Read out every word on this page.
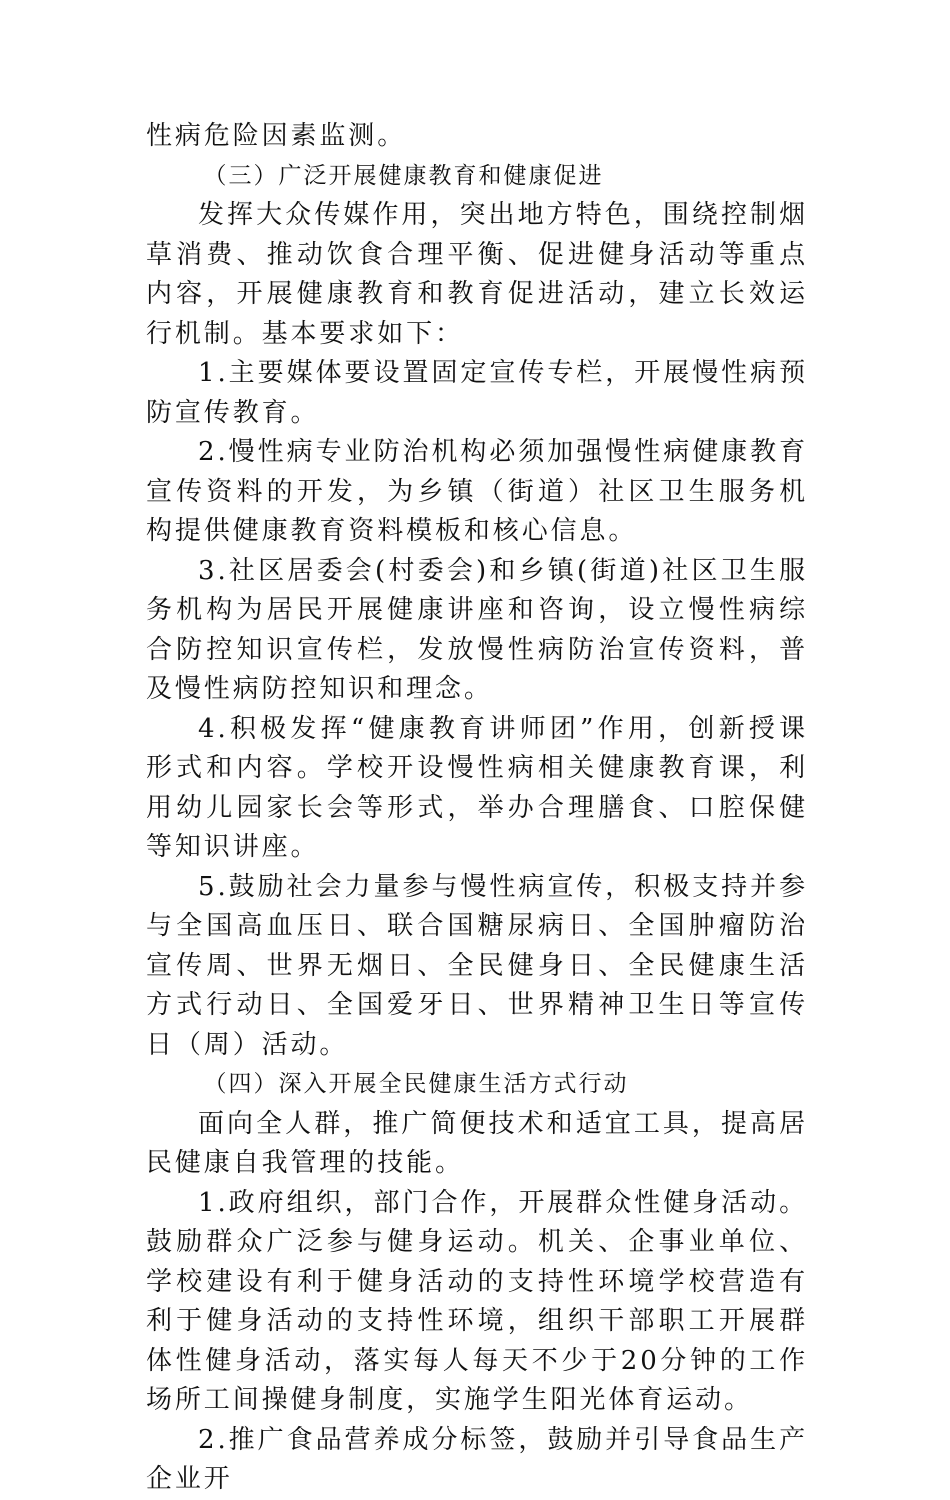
性病危险因素监测。

（三）广泛开展健康教育和健康促进

发挥大众传媒作用，突出地方特色，围绕控制烟草消费、推动饮食合理平衡、促进健身活动等重点内容，开展健康教育和教育促进活动，建立长效运行机制。基本要求如下：

1.主要媒体要设置固定宣传专栏，开展慢性病预防宣传教育。

2.慢性病专业防治机构必须加强慢性病健康教育宣传资料的开发，为乡镇（街道）社区卫生服务机构提供健康教育资料模板和核心信息。

3.社区居委会(村委会)和乡镇(街道)社区卫生服务机构为居民开展健康讲座和咨询，设立慢性病综合防控知识宣传栏，发放慢性病防治宣传资料，普及慢性病防控知识和理念。

4.积极发挥“健康教育讲师团”作用，创新授课形式和内容。学校开设慢性病相关健康教育课，利用幼儿园家长会等形式，举办合理膳食、口腔保健等知识讲座。

5.鼓励社会力量参与慢性病宣传，积极支持并参与全国高血压日、联合国糖尿病日、全国肿瘤防治宣传周、世界无烟日、全民健身日、全民健康生活方式行动日、全国爱牙日、世界精神卫生日等宣传日（周）活动。

（四）深入开展全民健康生活方式行动

面向全人群，推广简便技术和适宜工具，提高居民健康自我管理的技能。

1.政府组织，部门合作，开展群众性健身活动。鼓励群众广泛参与健身运动。机关、企事业单位、学校建设有利于健身活动的支持性环境学校营造有利于健身活动的支持性环境，组织干部职工开展群体性健身活动，落实每人每天不少于20分钟的工作场所工间操健身制度，实施学生阳光体育运动。

2.推广食品营养成分标签，鼓励并引导食品生产企业开
